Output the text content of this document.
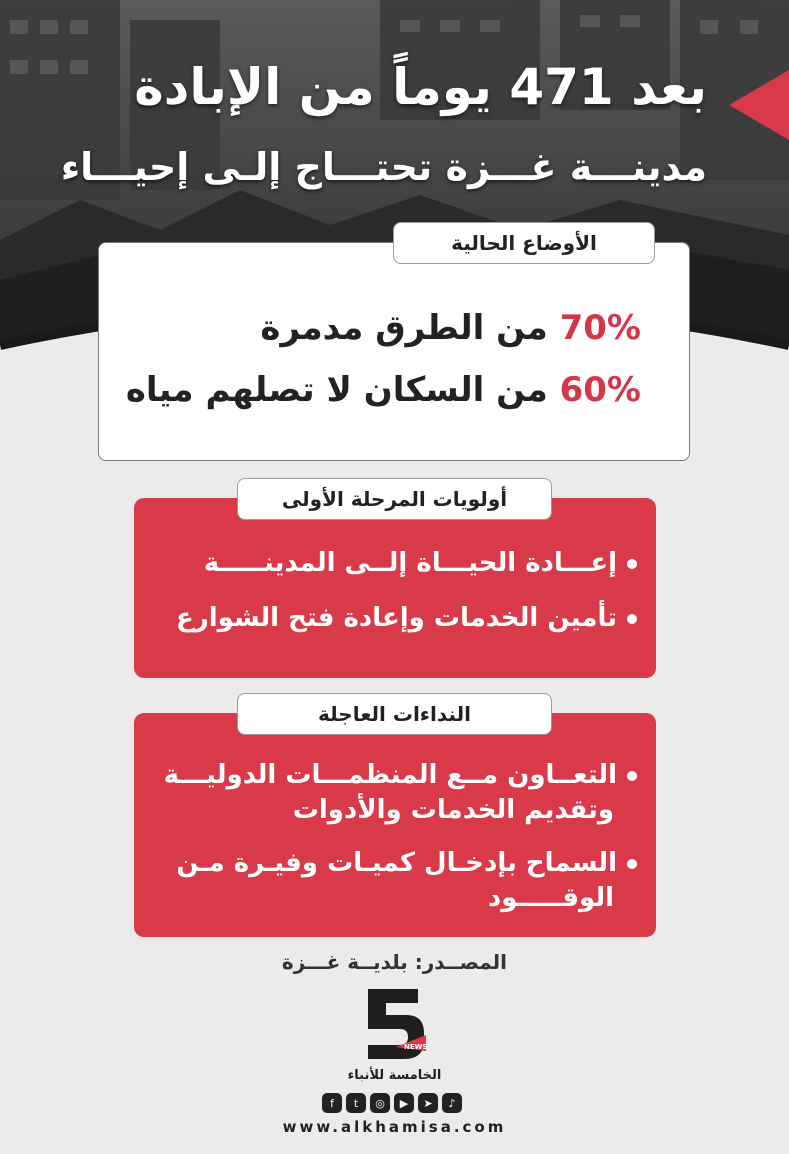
بعد 471 يوماً من الإبادة
مدينـــة غـــزة تحتـــاج إلـى إحيـــاء
الأوضاع الحالية
70% من الطرق مدمرة
60% من السكان لا تصلهم مياه
أولويات المرحلة الأولى
إعـــادة الحيـــاة إلــى المدينـــــة
تأمين الخدمات وإعادة فتح الشوارع
النداءات العاجلة
التعــاون مــع المنظمـــات الدوليـــة
وتقديم الخدمات والأدوات
السماح بإدخـال كميـات وفيـرة مـن
الوقـــــود
المصــدر: بلديــة غـــزة
NEWS
الخامسة للأنباء
f	t	◎	▶	➤	♪
www.alkhamisa.com
